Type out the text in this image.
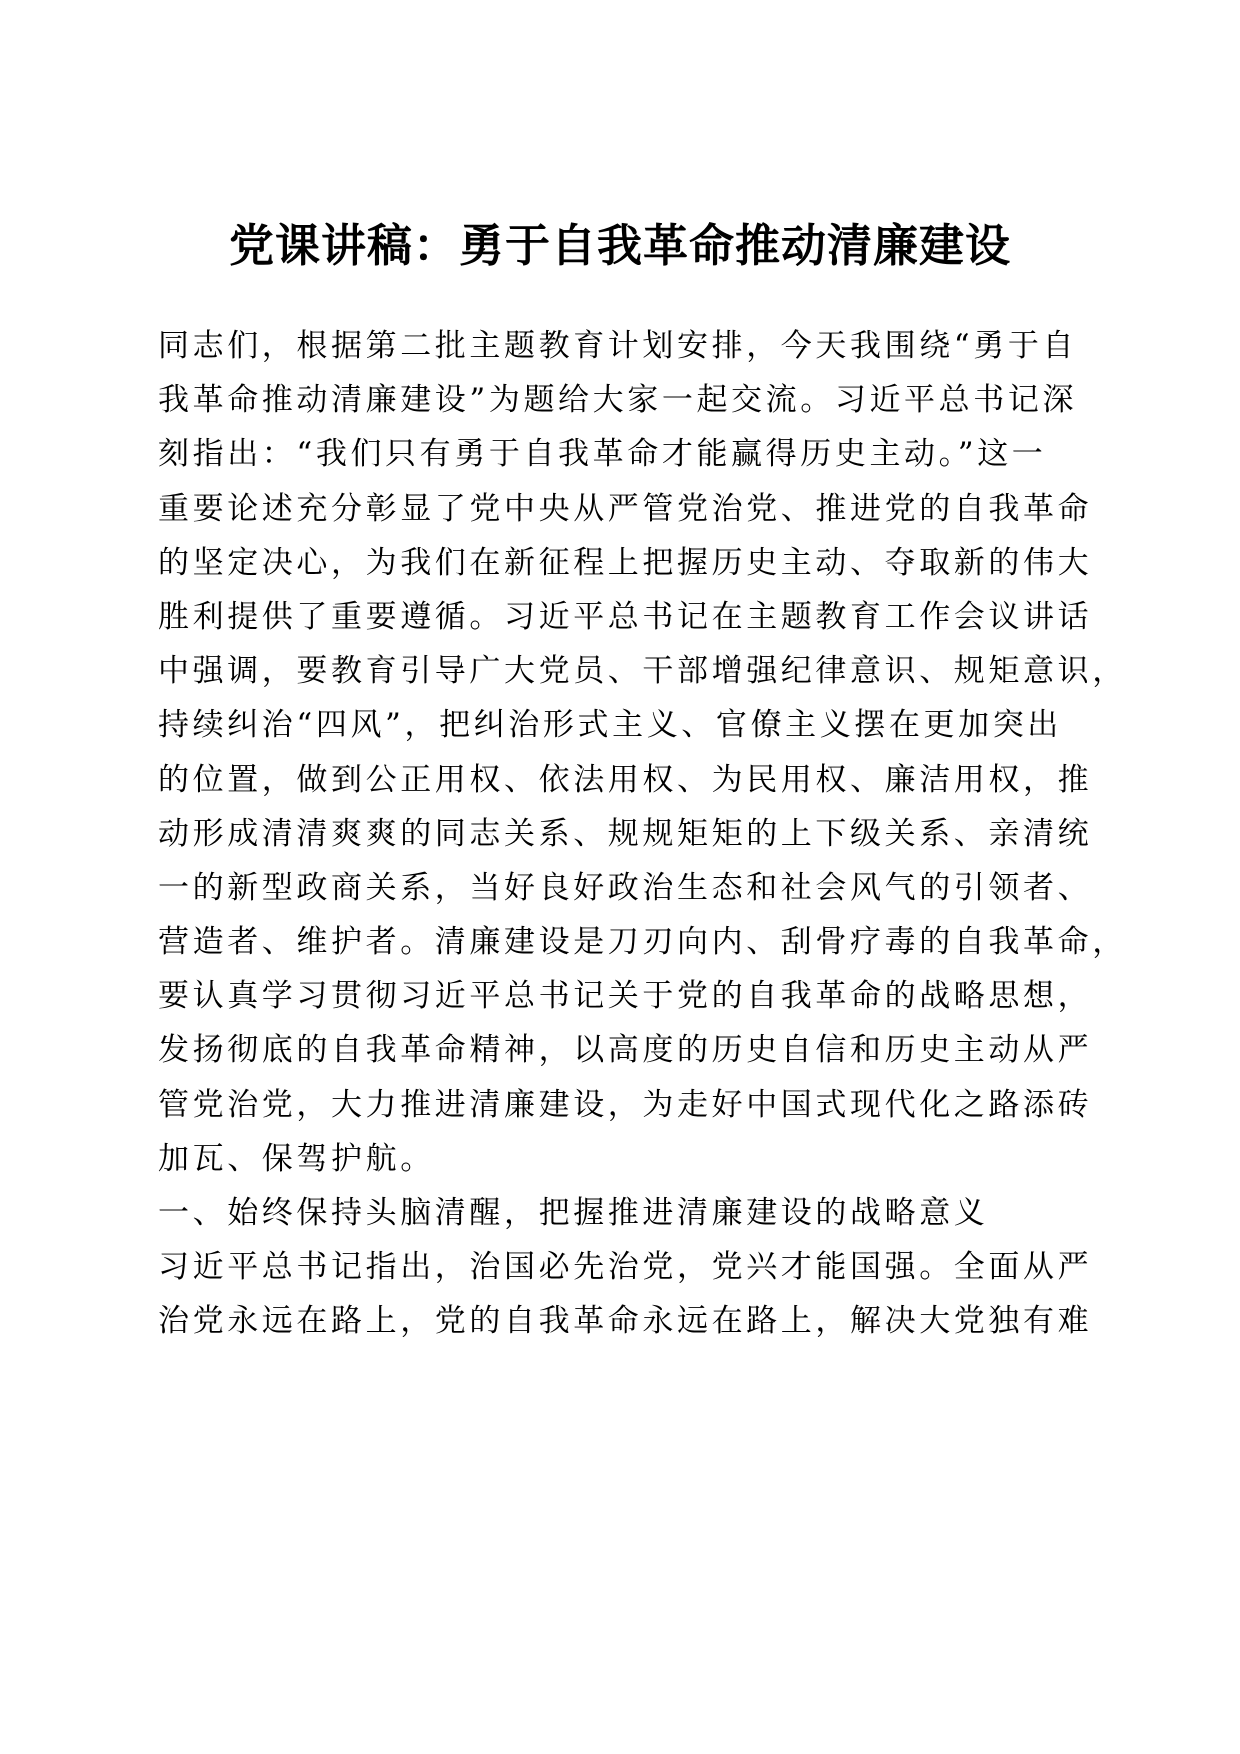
党课讲稿：勇于自我革命推动清廉建设
同志们，根据第二批主题教育计划安排，今天我围绕“勇于自
我革命推动清廉建设”为题给大家一起交流。习近平总书记深
刻指出：“我们只有勇于自我革命才能赢得历史主动。”这一
重要论述充分彰显了党中央从严管党治党、推进党的自我革命
的坚定决心，为我们在新征程上把握历史主动、夺取新的伟大
胜利提供了重要遵循。习近平总书记在主题教育工作会议讲话
中强调，要教育引导广大党员、干部增强纪律意识、规矩意识，
持续纠治“四风”，把纠治形式主义、官僚主义摆在更加突出
的位置，做到公正用权、依法用权、为民用权、廉洁用权，推
动形成清清爽爽的同志关系、规规矩矩的上下级关系、亲清统
一的新型政商关系，当好良好政治生态和社会风气的引领者、
营造者、维护者。清廉建设是刀刃向内、刮骨疗毒的自我革命，
要认真学习贯彻习近平总书记关于党的自我革命的战略思想，
发扬彻底的自我革命精神，以高度的历史自信和历史主动从严
管党治党，大力推进清廉建设，为走好中国式现代化之路添砖
加瓦、保驾护航。
一、始终保持头脑清醒，把握推进清廉建设的战略意义
习近平总书记指出，治国必先治党，党兴才能国强。全面从严
治党永远在路上，党的自我革命永远在路上，解决大党独有难
